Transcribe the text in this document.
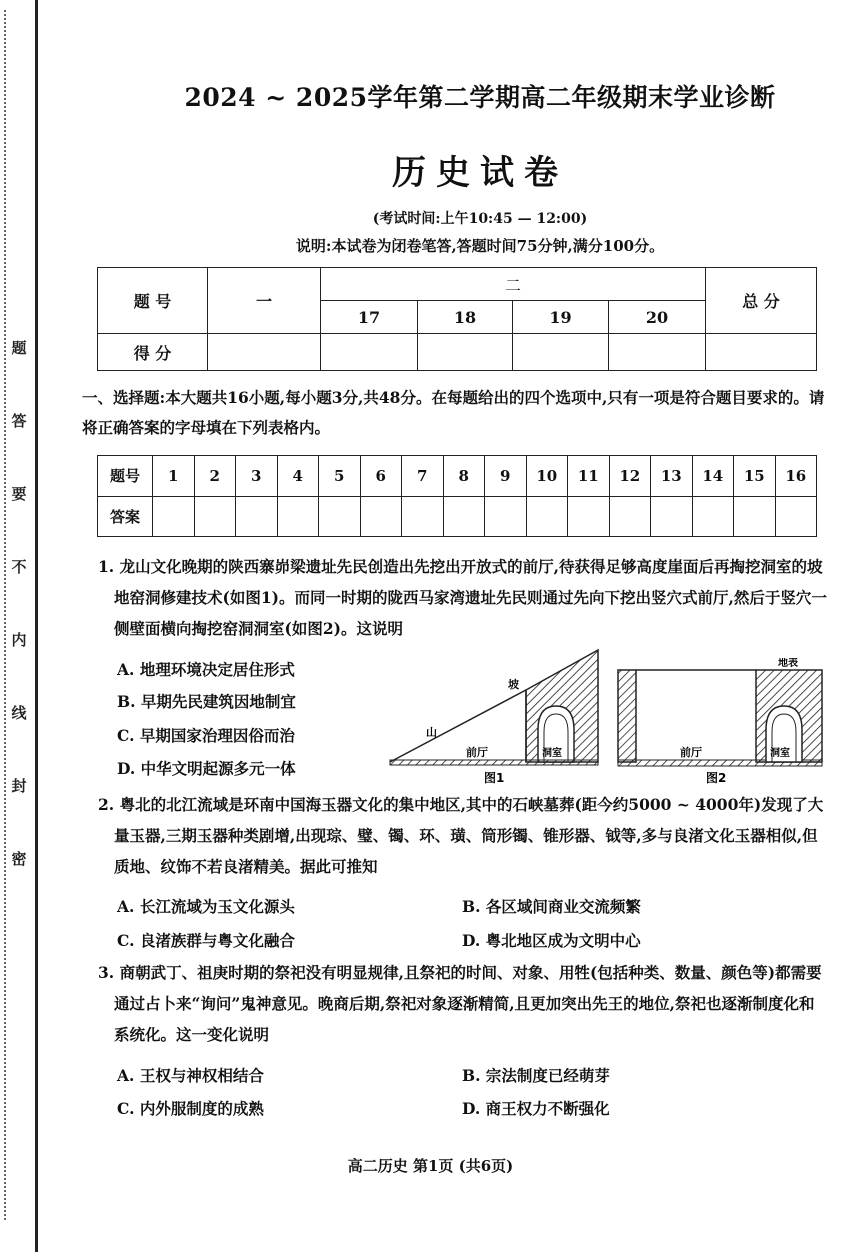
题
答
要
不
内
线
封
密
2024 ~ 2025学年第二学期高二年级期末学业诊断
历史试卷
(考试时间:上午10:45 — 12:00)
说明:本试卷为闭卷笔答,答题时间75分钟,满分100分。
题 号	一	二				总 分
		17	18	19	20	
得 分						
一、选择题:本大题共16小题,每小题3分,共48分。在每题给出的四个选项中,只有一项是符合题目要求的。请将正确答案的字母填在下列表格内。
题号	1	2	3	4	5	6	7	8	9	10	11	12	13	14	15	16
答案																
1. 龙山文化晚期的陕西寨峁梁遗址先民创造出先挖出开放式的前厅,待获得足够高度崖面后再掏挖洞室的坡地窑洞修建技术(如图1)。而同一时期的陇西马家湾遗址先民则通过先向下挖出竖穴式前厅,然后于竖穴一侧壁面横向掏挖窑洞洞室(如图2)。这说明
A. 地理环境决定居住形式
B. 早期先民建筑因地制宜
C. 早期国家治理因俗而治
D. 中华文明起源多元一体
坡
山
前厅	洞室
图1
地表
前厅	洞室
图2
2. 粤北的北江流域是环南中国海玉器文化的集中地区,其中的石峡墓葬(距今约5000 ~ 4000年)发现了大量玉器,三期玉器种类剧增,出现琮、璧、镯、环、璜、筒形镯、锥形器、钺等,多与良渚文化玉器相似,但质地、纹饰不若良渚精美。据此可推知
A. 长江流域为玉文化源头	B. 各区域间商业交流频繁
C. 良渚族群与粤文化融合	D. 粤北地区成为文明中心
3. 商朝武丁、祖庚时期的祭祀没有明显规律,且祭祀的时间、对象、用牲(包括种类、数量、颜色等)都需要通过占卜来“询问”鬼神意见。晚商后期,祭祀对象逐渐精简,且更加突出先王的地位,祭祀也逐渐制度化和系统化。这一变化说明
A. 王权与神权相结合	B. 宗法制度已经萌芽
C. 内外服制度的成熟	D. 商王权力不断强化
高二历史 第1页 (共6页)
